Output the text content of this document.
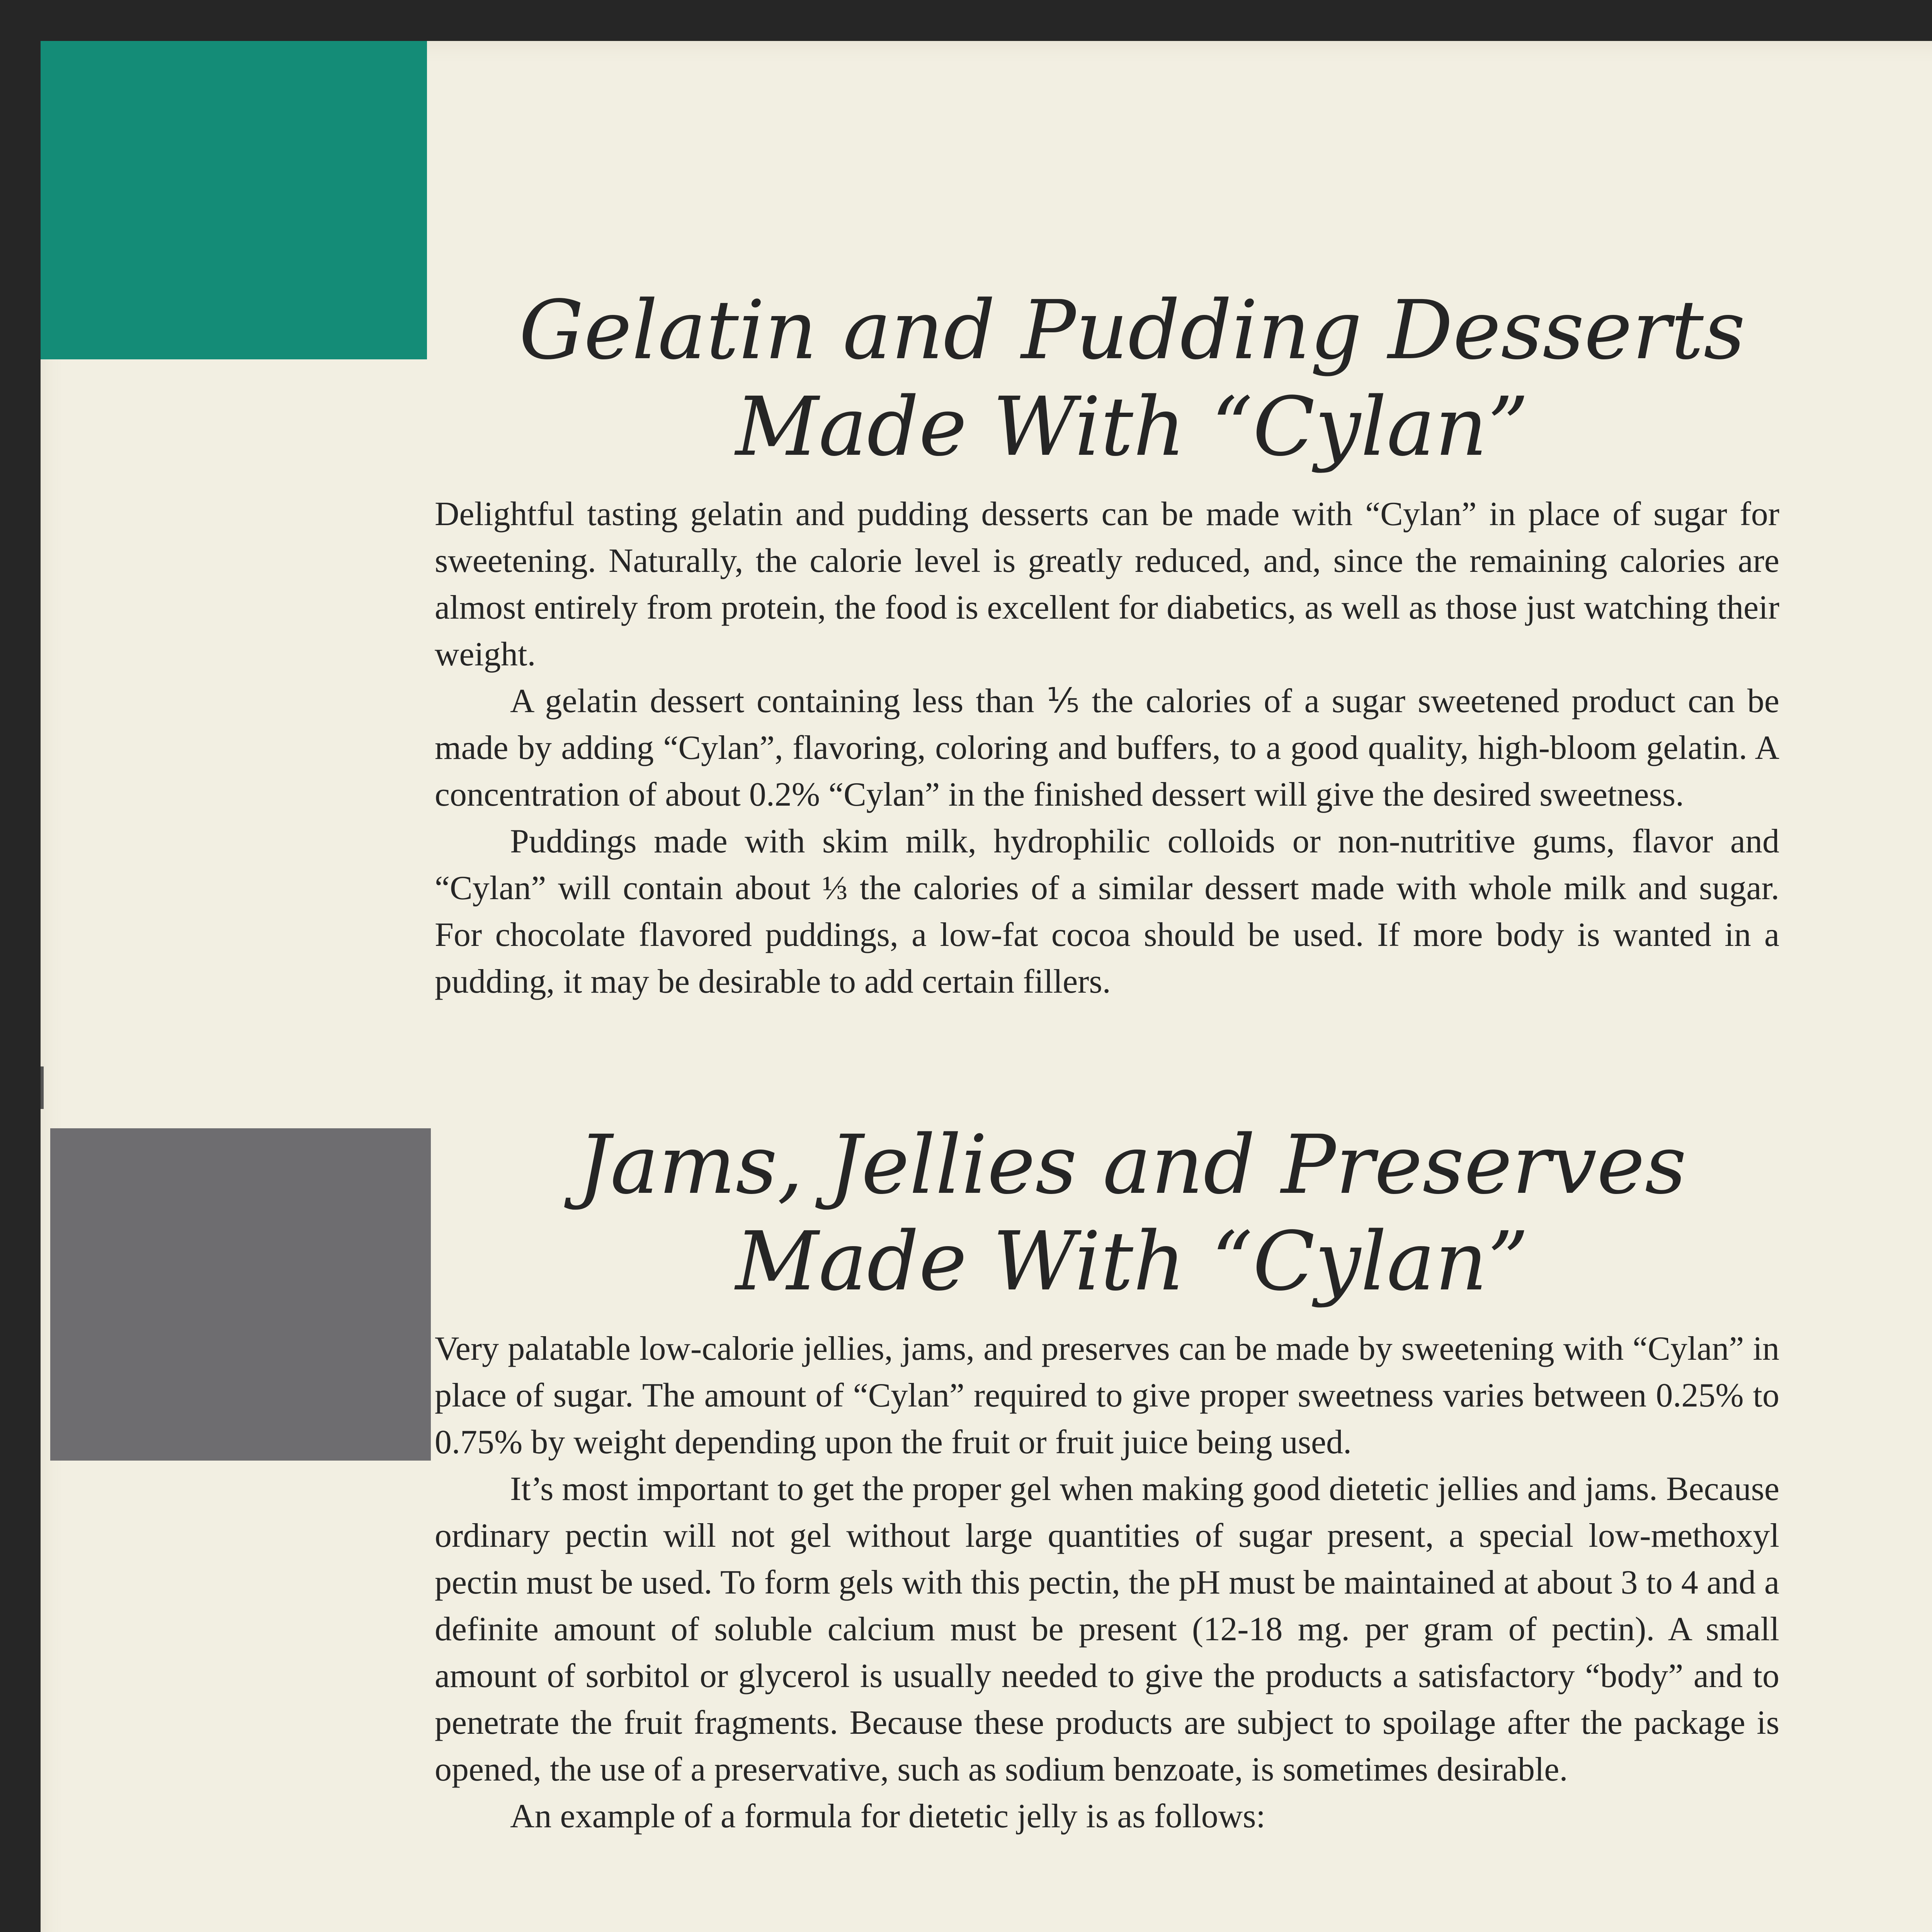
Gelatin and Pudding Desserts
Made With “Cylan”

Delightful tasting gelatin and pudding desserts can be made with “Cylan” in place of sugar for sweetening. Naturally, the calorie level is greatly reduced, and, since the remaining calories are almost entirely from protein, the food is excellent for diabetics, as well as those just watching their weight.

A gelatin dessert containing less than ⅕ the calories of a sugar sweetened product can be made by adding “Cylan”, flavoring, coloring and buffers, to a good quality, high-bloom gelatin. A concentration of about 0.2% “Cylan” in the finished dessert will give the desired sweetness.

Puddings made with skim milk, hydrophilic colloids or non-nutritive gums, flavor and “Cylan” will contain about ⅓ the calories of a similar dessert made with whole milk and sugar. For chocolate flavored puddings, a low-fat cocoa should be used. If more body is wanted in a pudding, it may be desirable to add certain fillers.

Jams, Jellies and Preserves
Made With “Cylan”

Very palatable low-calorie jellies, jams, and preserves can be made by sweetening with “Cylan” in place of sugar. The amount of “Cylan” required to give proper sweetness varies between 0.25% to 0.75% by weight depending upon the fruit or fruit juice being used.

It’s most important to get the proper gel when making good dietetic jellies and jams. Because ordinary pectin will not gel without large quantities of sugar present, a special low-methoxyl pectin must be used. To form gels with this pectin, the pH must be maintained at about 3 to 4 and a definite amount of soluble calcium must be present (12-18 mg. per gram of pectin). A small amount of sorbitol or glycerol is usually needed to give the products a satisfactory “body” and to penetrate the fruit fragments. Because these products are subject to spoilage after the package is opened, the use of a preservative, such as sodium benzoate, is sometimes desirable.

An example of a formula for dietetic jelly is as follows:
